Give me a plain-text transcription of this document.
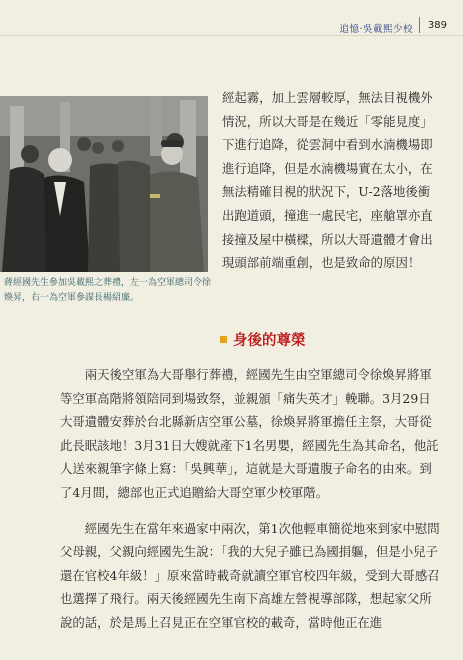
追憶‧吳載熙少校 389
蔣經國先生參加吳載熙之葬禮，左一為空軍總司令徐煥昇，右一為空軍參謀長楊紹廉。

經起霧，加上雲層較厚，無法目視機外情況，所以大哥是在幾近「零能見度」下進行追降，從雲洞中看到水湳機場即進行追降，但是水湳機場實在太小，在無法精確目視的狀況下，U-2落地後衝出跑道頭，撞進一處民宅，座艙罩亦直接撞及屋中橫樑，所以大哥遺體才會出現頭部前端重創，也是致命的原因！

身後的尊榮

兩天後空軍為大哥舉行葬禮，經國先生由空軍總司令徐煥昇將軍等空軍高階將領陪同到場致祭，並親頒「痛失英才」輓聯。3月29日大哥遺體安葬於台北縣新店空軍公墓，徐煥昇將軍擔任主祭，大哥從此長眠該地！3月31日大嫂就產下1名男嬰，經國先生為其命名，他託人送來親筆字條上寫：「吳興華」，這就是大哥遺腹子命名的由來。到了4月間，總部也正式追贈給大哥空軍少校軍階。

經國先生在當年來過家中兩次，第1次他輕車簡從地來到家中慰問父母親，父親向經國先生說：「我的大兒子雖已為國捐軀，但是小兒子還在官校4年級！」原來當時載奇就讀空軍官校四年級，受到大哥感召也選擇了飛行。兩天後經國先生南下高雄左營視導部隊，想起家父所說的話，於是馬上召見正在空軍官校的載奇，當時他正在進
